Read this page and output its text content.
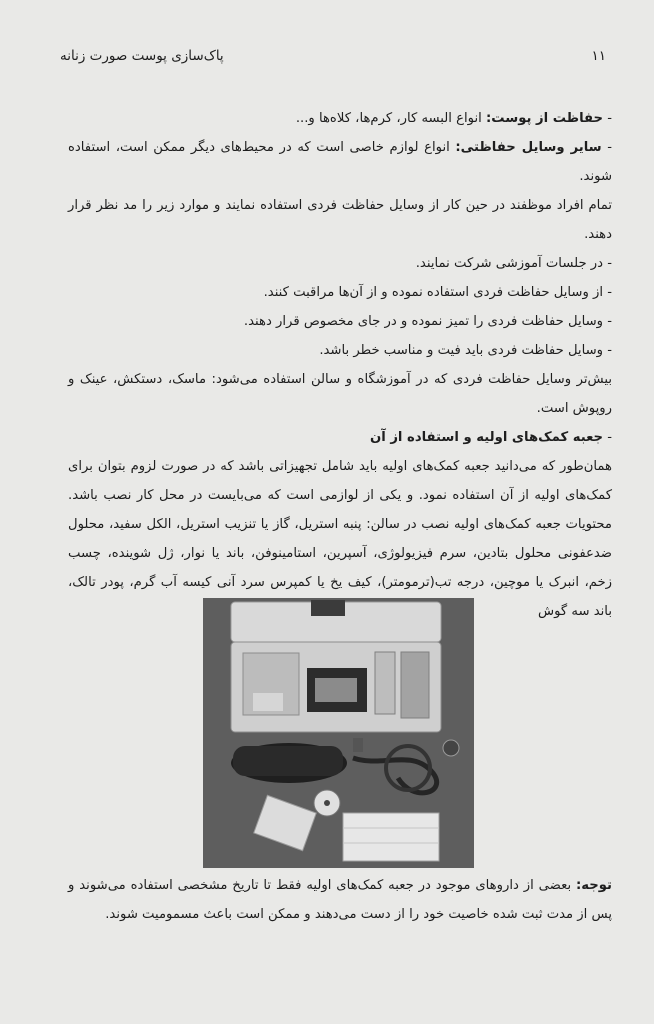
۱۱
پاک‌سازی پوست صورت زنانه

- حفاظت از پوست: انواع البسه کار، کرم‌ها، کلاه‌ها و...

- سایر وسایل حفاظتی: انواع لوازم خاصی است که در محیط‌های دیگر ممکن است، استفاده شوند.

تمام افراد موظفند در حین کار از وسایل حفاظت فردی استفاده نمایند و موارد زیر را مد نظر قرار دهند.

- در جلسات آموزشی شرکت نمایند.

- از وسایل حفاظت فردی استفاده نموده و از آن‌ها مراقبت کنند.

- وسایل حفاظت فردی را تمیز نموده و در جای مخصوص قرار دهند.

- وسایل حفاظت فردی باید فیت و مناسب خطر باشد.

بیش‌تر وسایل حفاظت فردی که در آموزشگاه و سالن استفاده می‌شود: ماسک، دستکش، عینک و روپوش است.

- جعبه کمک‌های اولیه و استفاده از آن

همان‌طور که می‌دانید جعبه کمک‌های اولیه باید شامل تجهیزاتی باشد که در صورت لزوم بتوان برای کمک‌های اولیه از آن استفاده نمود. و یکی از لوازمی است که می‌بایست در محل کار نصب باشد. محتویات جعبه کمک‌های اولیه نصب در سالن: پنبه استریل، گاز یا تنزیب استریل، الکل سفید، محلول ضدعفونی محلول بتادین، سرم فیزیولوژی، آسپرین، استامینوفن، باند یا نوار، ژل شوینده، چسب زخم، انبرک یا موچین، درجه تب(ترمومتر)، کیف یخ یا کمپرس سرد آنی کیسه آب گرم، پودر تالک، باند سه گوش

توجه: بعضی از داروهای موجود در جعبه کمک‌های اولیه فقط تا تاریخ مشخصی استفاده می‌شوند و پس از مدت ثبت شده خاصیت خود را از دست می‌دهند و ممکن است باعث مسمومیت شوند.
